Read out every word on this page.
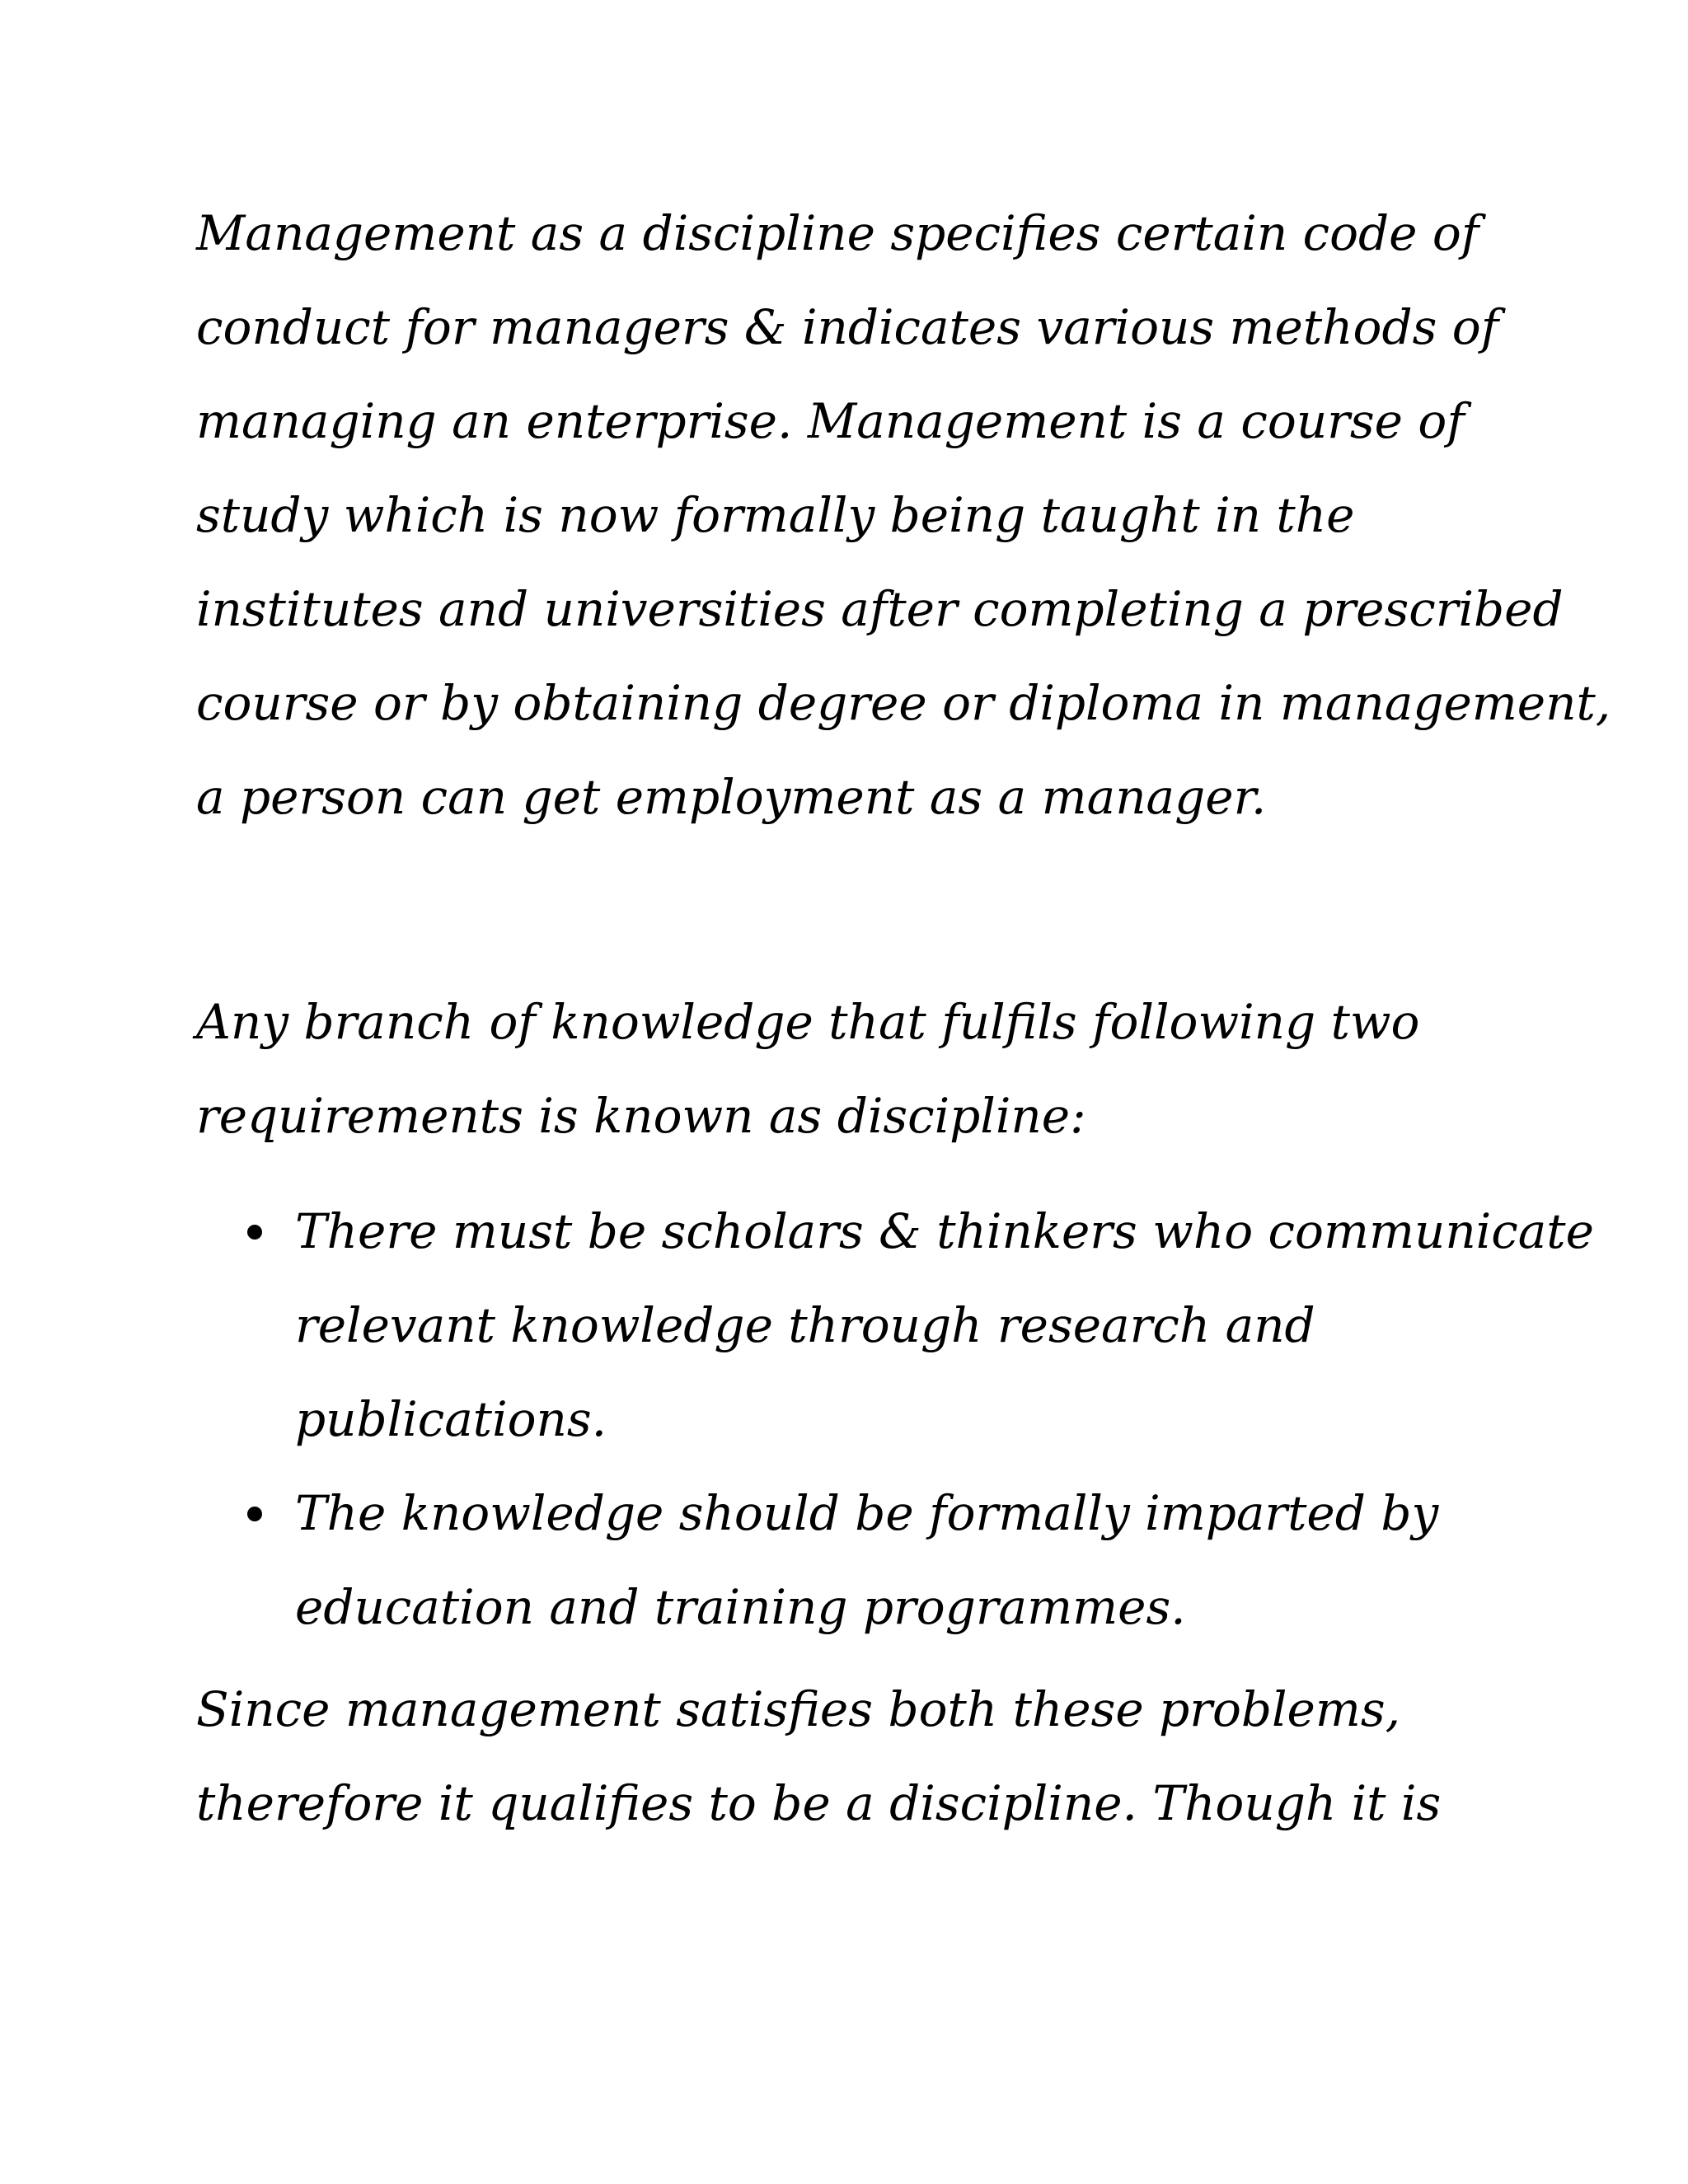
Management as a discipline specifies certain code of
conduct for managers & indicates various methods of
managing an enterprise. Management is a course of
study which is now formally being taught in the
institutes and universities after completing a prescribed
course or by obtaining degree or diploma in management,
a person can get employment as a manager.
Any branch of knowledge that fulfils following two
requirements is known as discipline:
There must be scholars & thinkers who communicate
relevant knowledge through research and
publications.
The knowledge should be formally imparted by
education and training programmes.
Since management satisfies both these problems,
therefore it qualifies to be a discipline. Though it is
